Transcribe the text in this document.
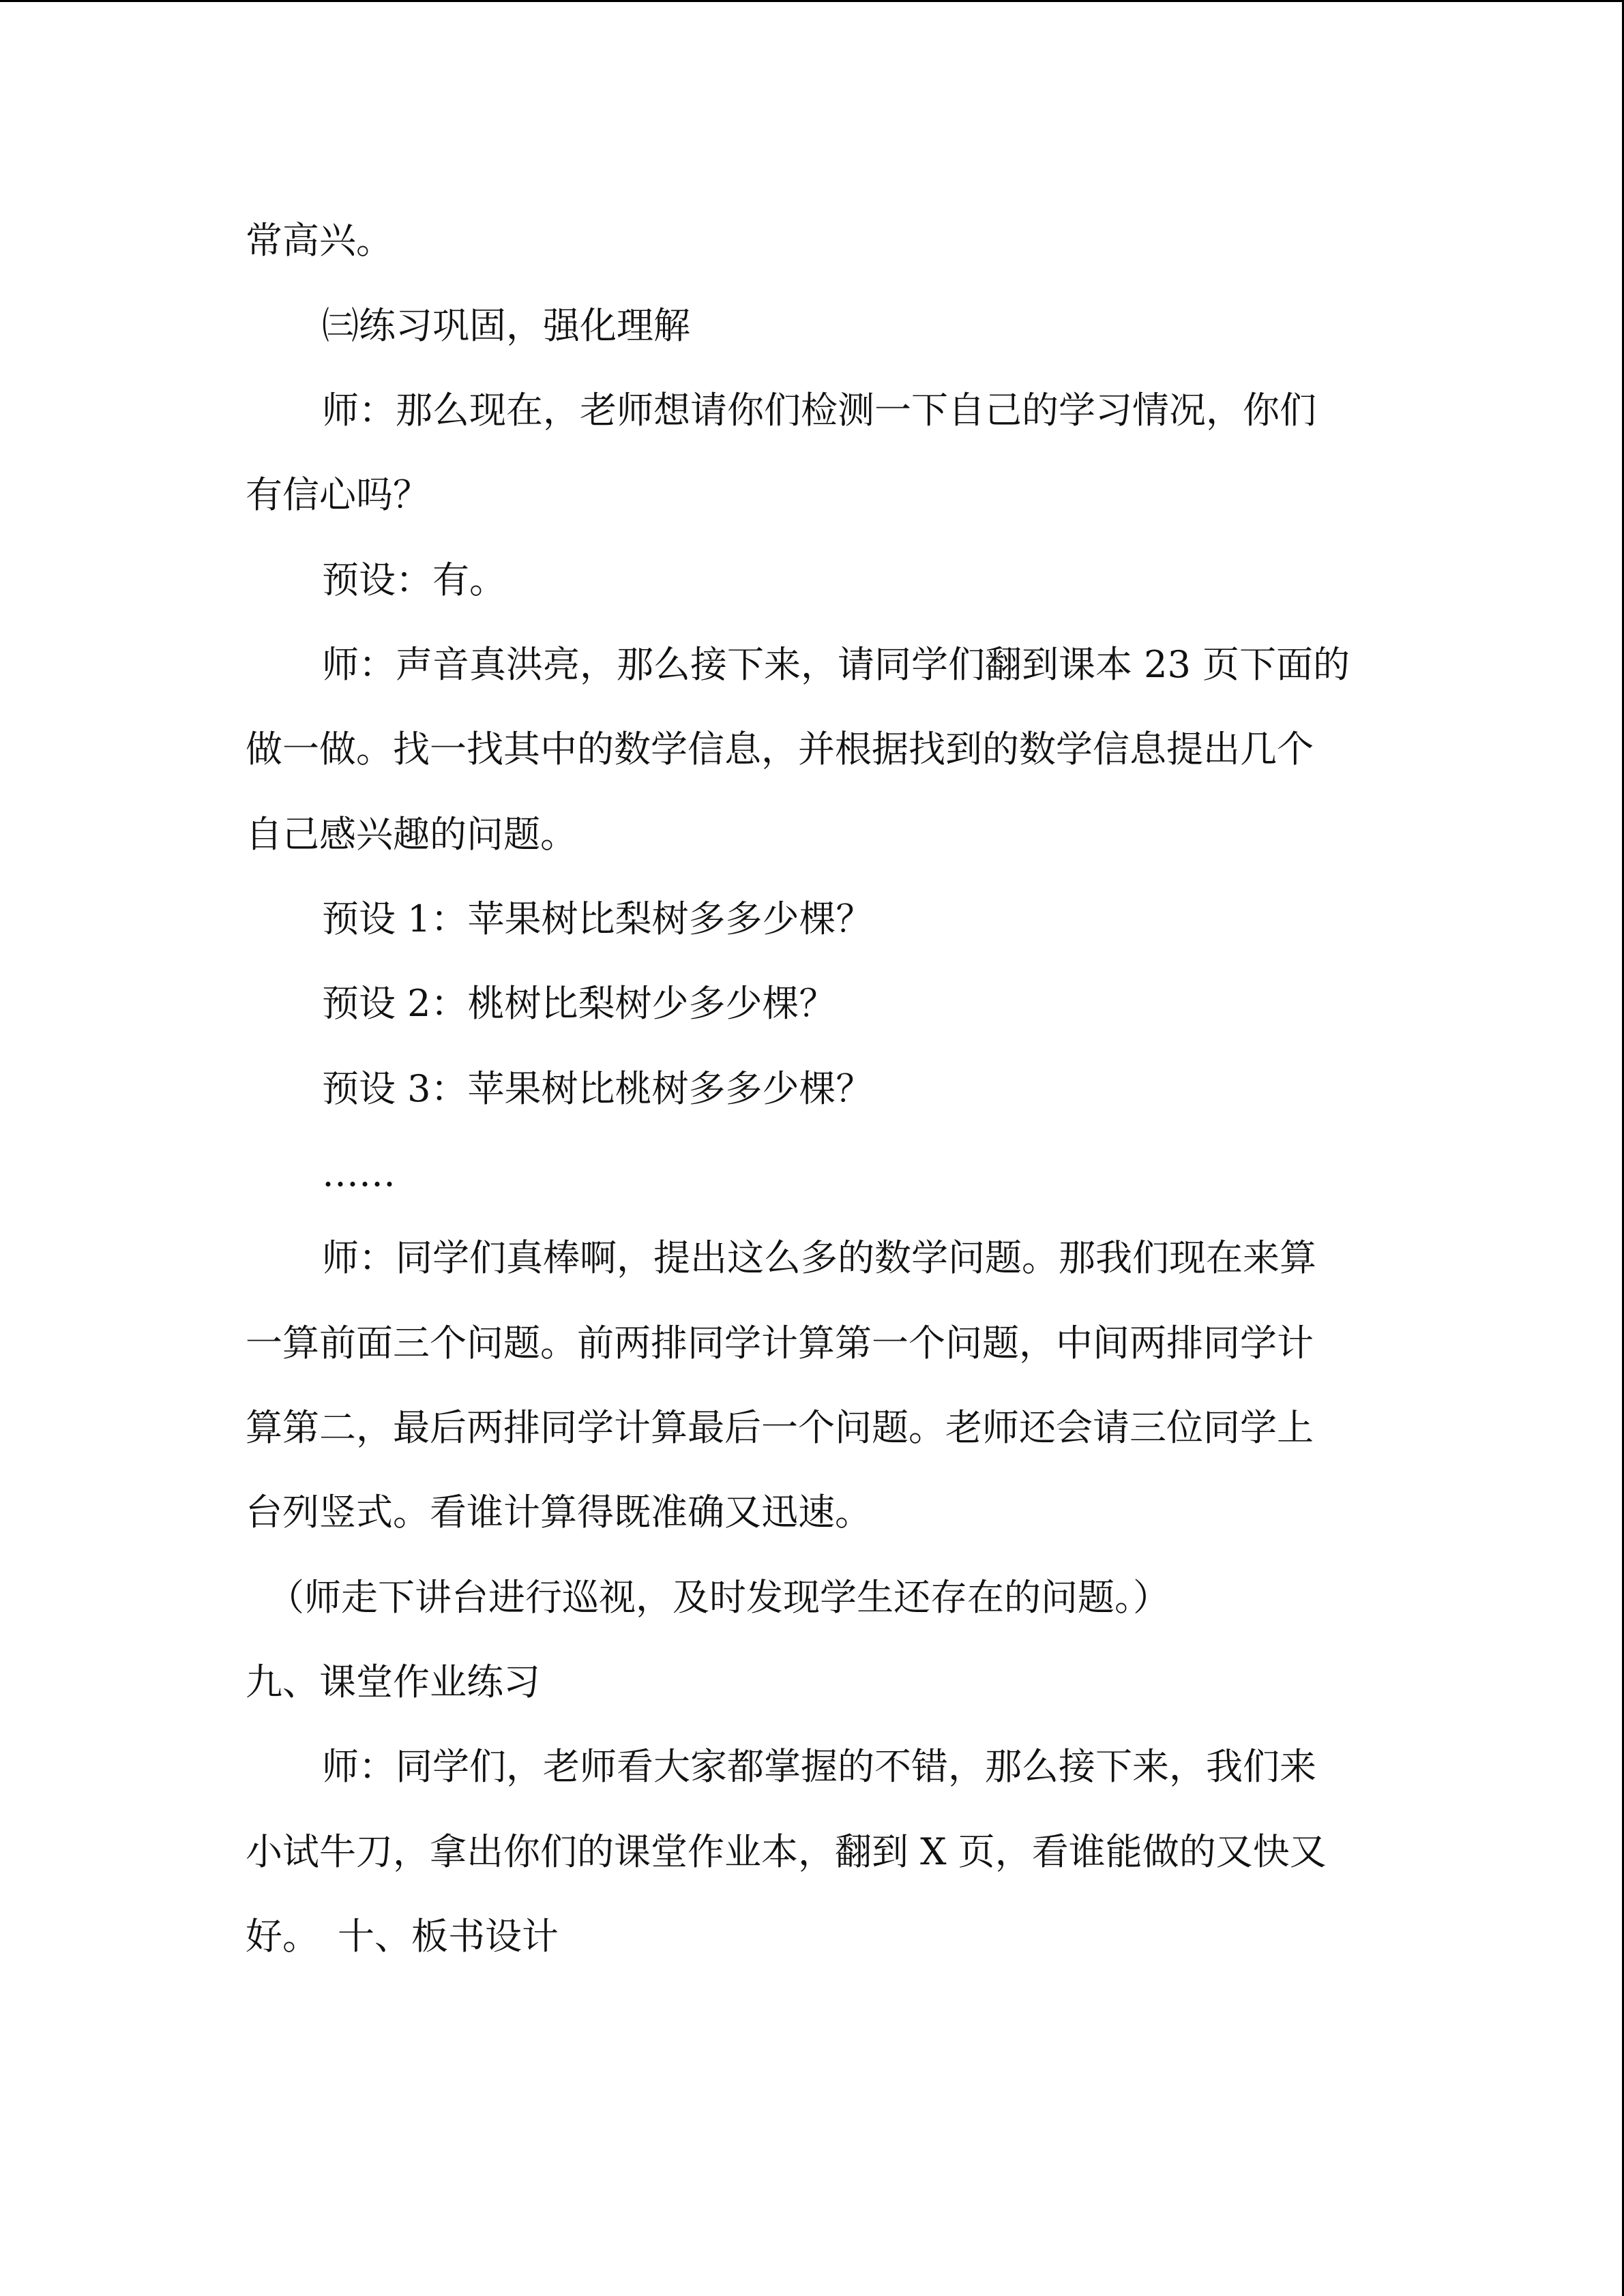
常高兴。
㈢练习巩固，强化理解
师：那么现在，老师想请你们检测一下自己的学习情况，你们
有信心吗？
预设：有。
师：声音真洪亮，那么接下来，请同学们翻到课本 23 页下面的
做一做。找一找其中的数学信息，并根据找到的数学信息提出几个
自己感兴趣的问题。
预设 1：苹果树比梨树多多少棵？
预设 2：桃树比梨树少多少棵？
预设 3：苹果树比桃树多多少棵？
……
师：同学们真棒啊，提出这么多的数学问题。那我们现在来算
一算前面三个问题。前两排同学计算第一个问题，中间两排同学计
算第二，最后两排同学计算最后一个问题。老师还会请三位同学上
台列竖式。看谁计算得既准确又迅速。
（师走下讲台进行巡视，及时发现学生还存在的问题。）
九、课堂作业练习
师：同学们，老师看大家都掌握的不错，那么接下来，我们来
小试牛刀，拿出你们的课堂作业本，翻到 X 页，看谁能做的又快又
好。　十、板书设计
